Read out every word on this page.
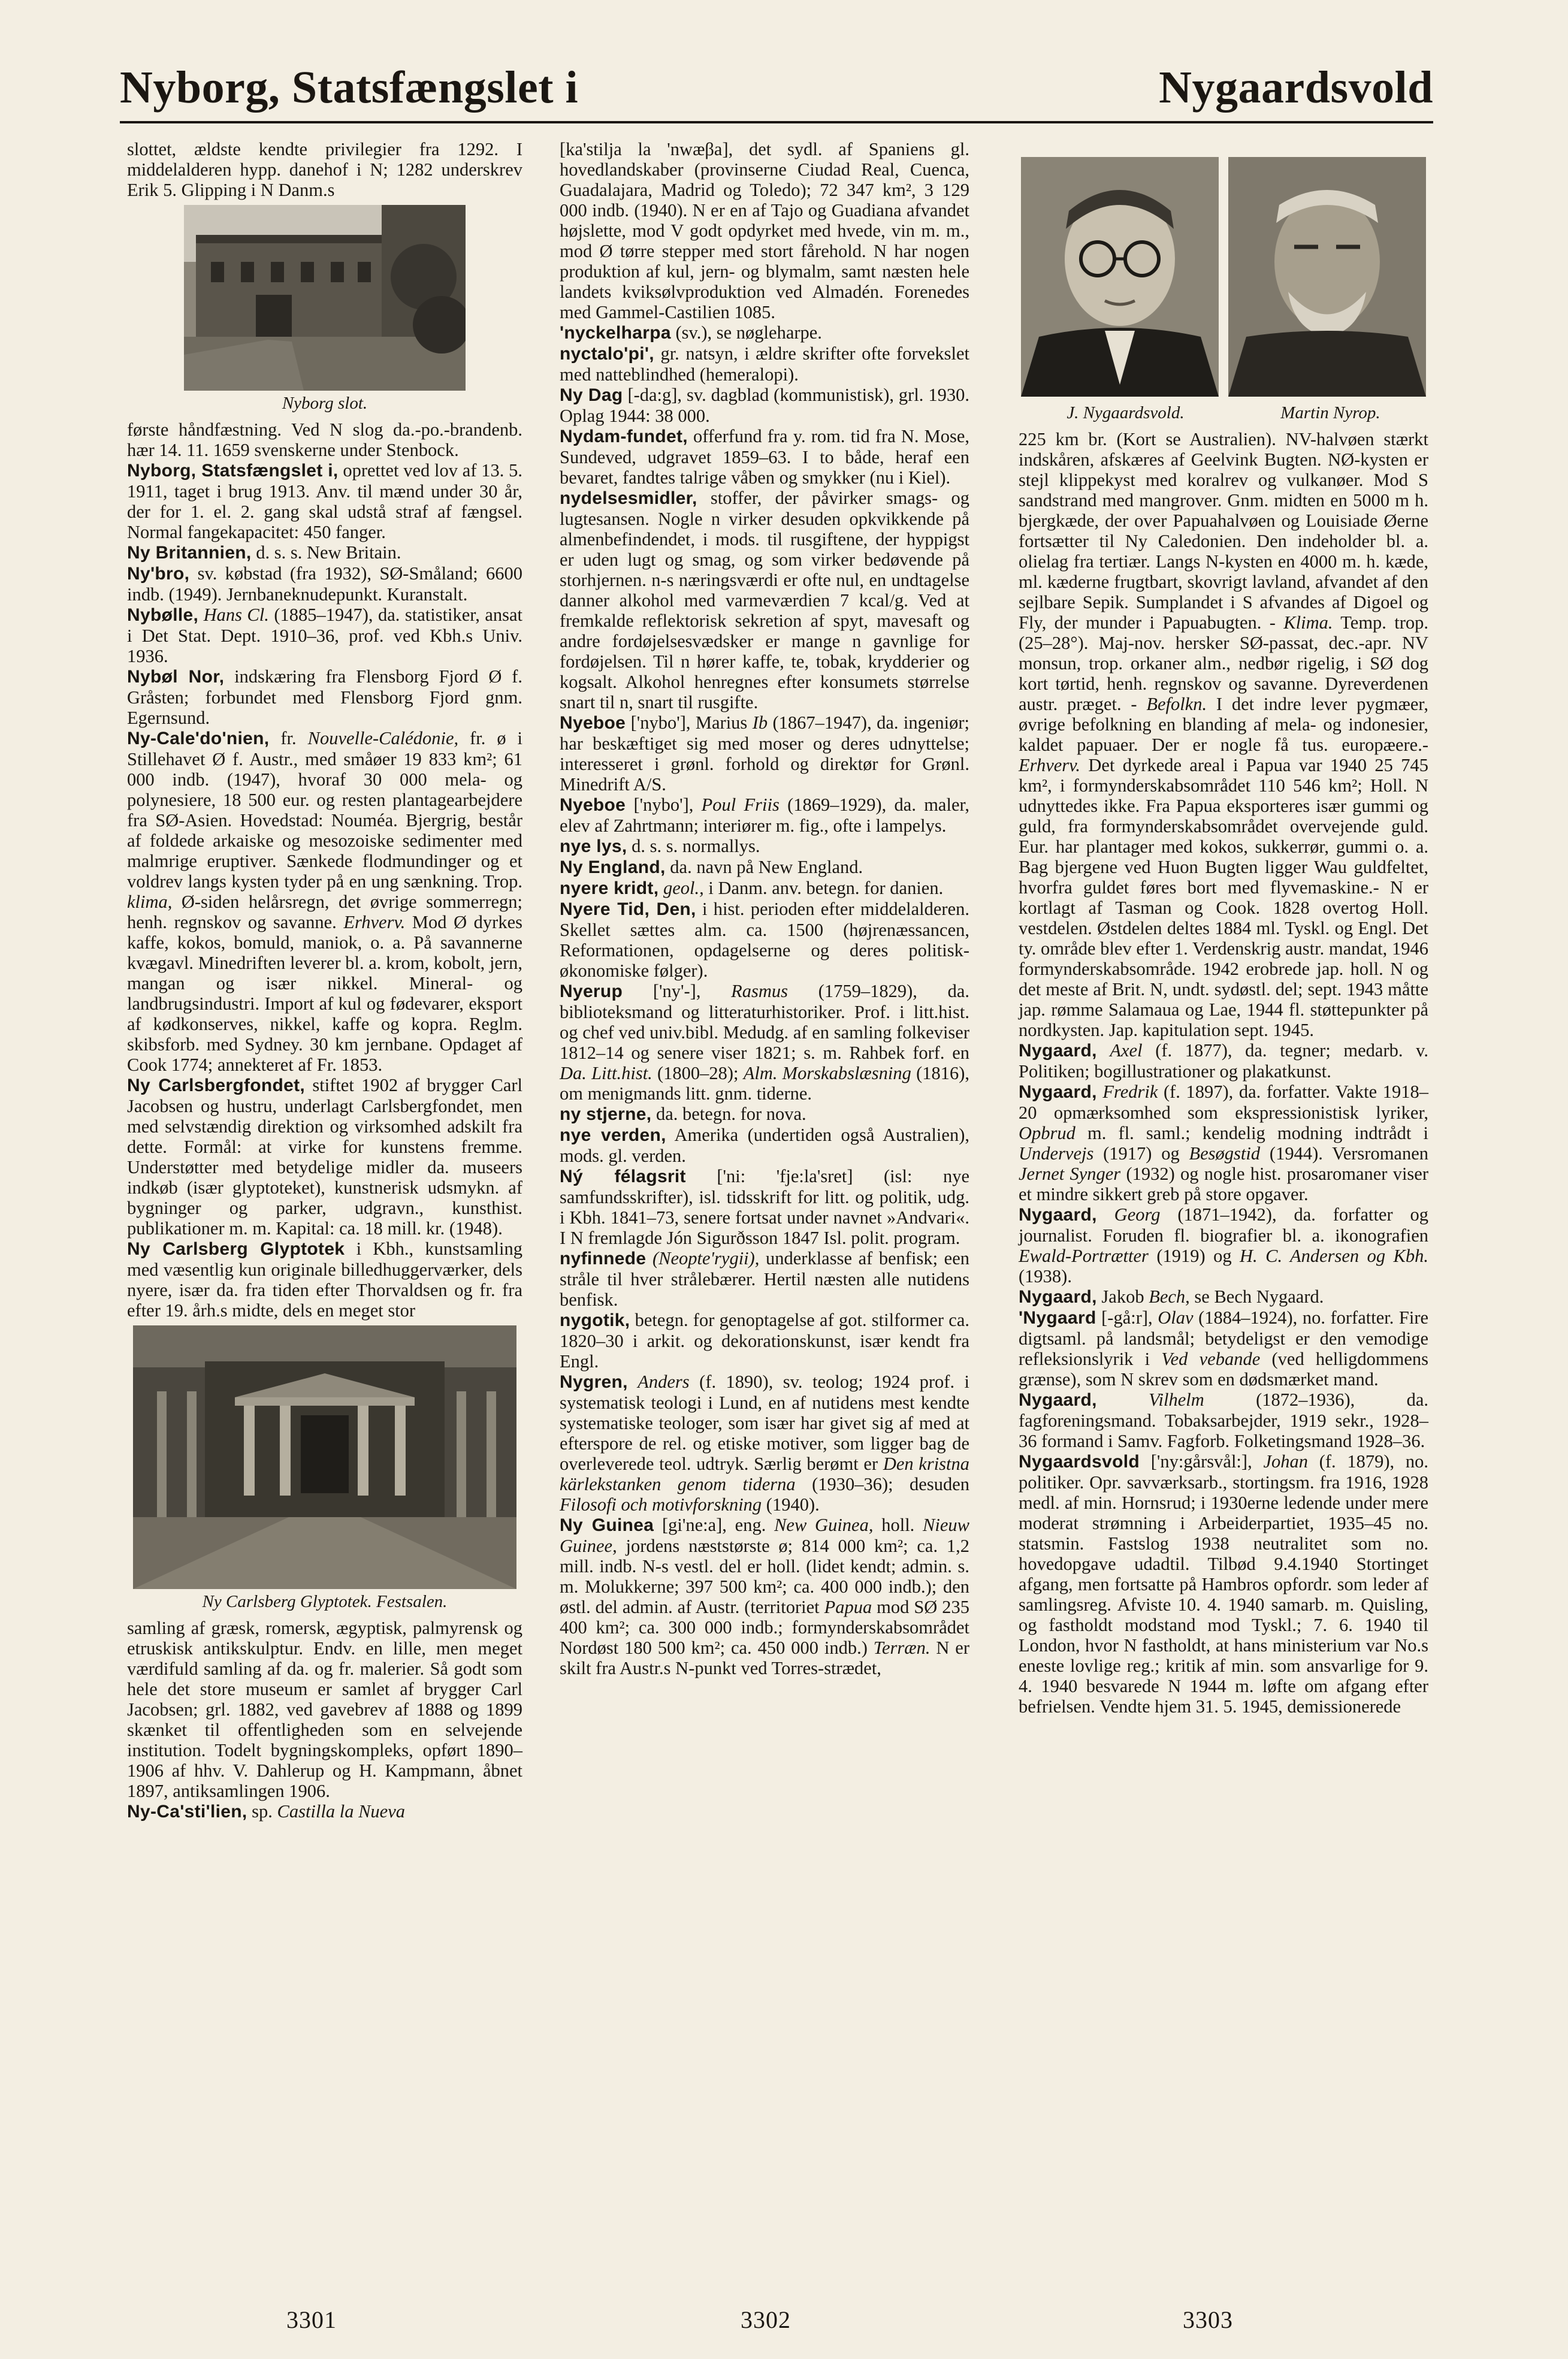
Nyborg, Statsfængslet i	Nygaardsvold

slottet, ældste kendte privilegier fra 1292. I middelalderen hypp. danehof i N; 1282 underskrev Erik 5. Glipping i N Danm.s

Nyborg slot.

første håndfæstning. Ved N slog da.-po.-brandenb. hær 14. 11. 1659 svenskerne under Stenbock.

Nyborg, Statsfængslet i, oprettet ved lov af 13. 5. 1911, taget i brug 1913. Anv. til mænd under 30 år, der for 1. el. 2. gang skal udstå straf af fængsel. Normal fangekapacitet: 450 fanger.

Ny Britannien, d. s. s. New Britain.

Ny'bro, sv. købstad (fra 1932), SØ-Småland; 6600 indb. (1949). Jernbaneknudepunkt. Kuranstalt.

Nybølle, Hans Cl. (1885–1947), da. statistiker, ansat i Det Stat. Dept. 1910–36, prof. ved Kbh.s Univ. 1936.

Nybøl Nor, indskæring fra Flensborg Fjord Ø f. Gråsten; forbundet med Flensborg Fjord gnm. Egernsund.

Ny-Cale'do'nien, fr. Nouvelle-Calédonie, fr. ø i Stillehavet Ø f. Austr., med småøer 19 833 km²; 61 000 indb. (1947), hvoraf 30 000 mela- og polynesiere, 18 500 eur. og resten plantagearbejdere fra SØ-Asien. Hovedstad: Nouméa. Bjergrig, består af foldede arkaiske og mesozoiske sedimenter med malmrige eruptiver. Sænkede flodmundinger og et voldrev langs kysten tyder på en ung sænkning. Trop. klima, Ø-siden helårsregn, det øvrige sommerregn; henh. regnskov og savanne. Erhverv. Mod Ø dyrkes kaffe, kokos, bomuld, maniok, o. a. På savannerne kvægavl. Minedriften leverer bl. a. krom, kobolt, jern, mangan og især nikkel. Mineral- og landbrugsindustri. Import af kul og fødevarer, eksport af kødkonserves, nikkel, kaffe og kopra. Reglm. skibsforb. med Sydney. 30 km jernbane. Opdaget af Cook 1774; annekteret af Fr. 1853.

Ny Carlsbergfondet, stiftet 1902 af brygger Carl Jacobsen og hustru, underlagt Carlsbergfondet, men med selvstændig direktion og virksomhed adskilt fra dette. Formål: at virke for kunstens fremme. Understøtter med betydelige midler da. museers indkøb (især glyptoteket), kunstnerisk udsmykn. af bygninger og parker, udgravn., kunsthist. publikationer m. m. Kapital: ca. 18 mill. kr. (1948).

Ny Carlsberg Glyptotek i Kbh., kunstsamling med væsentlig kun originale billedhuggerværker, dels nyere, især da. fra tiden efter Thorvaldsen og fr. fra efter 19. årh.s midte, dels en meget stor

Ny Carlsberg Glyptotek. Festsalen.

samling af græsk, romersk, ægyptisk, palmyrensk og etruskisk antikskulptur. Endv. en lille, men meget værdifuld samling af da. og fr. malerier. Så godt som hele det store museum er samlet af brygger Carl Jacobsen; grl. 1882, ved gavebrev af 1888 og 1899 skænket til offentligheden som en selvejende institution. Todelt bygningskompleks, opført 1890–1906 af hhv. V. Dahlerup og H. Kampmann, åbnet 1897, antiksamlingen 1906.

Ny-Ca'sti'lien, sp. Castilla la Nueva

[ka'stilja la 'nwæβa], det sydl. af Spaniens gl. hovedlandskaber (provinserne Ciudad Real, Cuenca, Guadalajara, Madrid og Toledo); 72 347 km², 3 129 000 indb. (1940). N er en af Tajo og Guadiana afvandet højslette, mod V godt opdyrket med hvede, vin m. m., mod Ø tørre stepper med stort fårehold. N har nogen produktion af kul, jern- og blymalm, samt næsten hele landets kviksølvproduktion ved Almadén. Forenedes med Gammel-Castilien 1085.

'nyckelharpa (sv.), se nøgleharpe.

nyctalo'pi', gr. natsyn, i ældre skrifter ofte forvekslet med natteblindhed (hemeralopi).

Ny Dag [-da:g], sv. dagblad (kommunistisk), grl. 1930. Oplag 1944: 38 000.

Nydam-fundet, offerfund fra y. rom. tid fra N. Mose, Sundeved, udgravet 1859–63. I to både, heraf een bevaret, fandtes talrige våben og smykker (nu i Kiel).

nydelsesmidler, stoffer, der påvirker smags- og lugtesansen. Nogle n virker desuden opkvikkende på almenbefindendet, i mods. til rusgiftene, der hyppigst er uden lugt og smag, og som virker bedøvende på storhjernen. n-s næringsværdi er ofte nul, en undtagelse danner alkohol med varmeværdien 7 kcal/g. Ved at fremkalde reflektorisk sekretion af spyt, mavesaft og andre fordøjelsesvædsker er mange n gavnlige for fordøjelsen. Til n hører kaffe, te, tobak, krydderier og kogsalt. Alkohol henregnes efter konsumets størrelse snart til n, snart til rusgifte.

Nyeboe ['nybo'], Marius Ib (1867–1947), da. ingeniør; har beskæftiget sig med moser og deres udnyttelse; interesseret i grønl. forhold og direktør for Grønl. Minedrift A/S.

Nyeboe ['nybo'], Poul Friis (1869–1929), da. maler, elev af Zahrtmann; interiører m. fig., ofte i lampelys.

nye lys, d. s. s. normallys.

Ny England, da. navn på New England.

nyere kridt, geol., i Danm. anv. betegn. for danien.

Nyere Tid, Den, i hist. perioden efter middelalderen. Skellet sættes alm. ca. 1500 (højrenæssancen, Reformationen, opdagelserne og deres politisk-økonomiske følger).

Nyerup ['ny'-], Rasmus (1759–1829), da. biblioteksmand og litteraturhistoriker. Prof. i litt.hist. og chef ved univ.bibl. Medudg. af en samling folkeviser 1812–14 og senere viser 1821; s. m. Rahbek forf. en Da. Litt.hist. (1800–28); Alm. Morskabslæsning (1816), om menigmands litt. gnm. tiderne.

ny stjerne, da. betegn. for nova.

nye verden, Amerika (undertiden også Australien), mods. gl. verden.

Ný félagsrit ['ni: 'fje:la'sret] (isl: nye samfundsskrifter), isl. tidsskrift for litt. og politik, udg. i Kbh. 1841–73, senere fortsat under navnet »Andvari«. I N fremlagde Jón Sigurðsson 1847 Isl. polit. program.

nyfinnede (Neopte'rygii), underklasse af benfisk; een stråle til hver strålebærer. Hertil næsten alle nutidens benfisk.

nygotik, betegn. for genoptagelse af got. stilformer ca. 1820–30 i arkit. og dekorationskunst, især kendt fra Engl.

Nygren, Anders (f. 1890), sv. teolog; 1924 prof. i systematisk teologi i Lund, en af nutidens mest kendte systematiske teologer, som især har givet sig af med at efterspore de rel. og etiske motiver, som ligger bag de overleverede teol. udtryk. Særlig berømt er Den kristna kärlekstanken genom tiderna (1930–36); desuden Filosofi och motivforskning (1940).

Ny Guinea [gi'ne:a], eng. New Guinea, holl. Nieuw Guinee, jordens næststørste ø; 814 000 km²; ca. 1,2 mill. indb. N-s vestl. del er holl. (lidet kendt; admin. s. m. Molukkerne; 397 500 km²; ca. 400 000 indb.); den østl. del admin. af Austr. (territoriet Papua mod SØ 235 400 km²; ca. 300 000 indb.; formynderskabsområdet Nordøst 180 500 km²; ca. 450 000 indb.) Terræn. N er skilt fra Austr.s N-punkt ved Torres-strædet,

J. Nygaardsvold.	Martin Nyrop.

225 km br. (Kort se Australien). NV-halvøen stærkt indskåren, afskæres af Geelvink Bugten. NØ-kysten er stejl klippekyst med koralrev og vulkanøer. Mod S sandstrand med mangrover. Gnm. midten en 5000 m h. bjergkæde, der over Papuahalvøen og Louisiade Øerne fortsætter til Ny Caledonien. Den indeholder bl. a. olielag fra tertiær. Langs N-kysten en 4000 m. h. kæde, ml. kæderne frugtbart, skovrigt lavland, afvandet af den sejlbare Sepik. Sumplandet i S afvandes af Digoel og Fly, der munder i Papuabugten. - Klima. Temp. trop. (25–28°). Maj-nov. hersker SØ-passat, dec.-apr. NV monsun, trop. orkaner alm., nedbør rigelig, i SØ dog kort tørtid, henh. regnskov og savanne. Dyreverdenen austr. præget. - Befolkn. I det indre lever pygmæer, øvrige befolkning en blanding af mela- og indonesier, kaldet papuaer. Der er nogle få tus. europæere.- Erhverv. Det dyrkede areal i Papua var 1940 25 745 km², i formynderskabsområdet 110 546 km²; Holl. N udnyttedes ikke. Fra Papua eksporteres især gummi og guld, fra formynderskabsområdet overvejende guld. Eur. har plantager med kokos, sukkerrør, gummi o. a. Bag bjergene ved Huon Bugten ligger Wau guldfeltet, hvorfra guldet føres bort med flyvemaskine.- N er kortlagt af Tasman og Cook. 1828 overtog Holl. vestdelen. Østdelen deltes 1884 ml. Tyskl. og Engl. Det ty. område blev efter 1. Verdenskrig austr. mandat, 1946 formynderskabsområde. 1942 erobrede jap. holl. N og det meste af Brit. N, undt. sydøstl. del; sept. 1943 måtte jap. rømme Salamaua og Lae, 1944 fl. støttepunkter på nordkysten. Jap. kapitulation sept. 1945.

Nygaard, Axel (f. 1877), da. tegner; medarb. v. Politiken; bogillustrationer og plakatkunst.

Nygaard, Fredrik (f. 1897), da. forfatter. Vakte 1918–20 opmærksomhed som ekspressionistisk lyriker, Opbrud m. fl. saml.; kendelig modning indtrådt i Undervejs (1917) og Besøgstid (1944). Versromanen Jernet Synger (1932) og nogle hist. prosaromaner viser et mindre sikkert greb på store opgaver.

Nygaard, Georg (1871–1942), da. forfatter og journalist. Foruden fl. biografier bl. a. ikonografien Ewald-Portrætter (1919) og H. C. Andersen og Kbh. (1938).

Nygaard, Jakob Bech, se Bech Nygaard.

'Nygaard [-gå:r], Olav (1884–1924), no. forfatter. Fire digtsaml. på landsmål; betydeligst er den vemodige refleksionslyrik i Ved vebande (ved helligdommens grænse), som N skrev som en dødsmærket mand.

Nygaard,	Vilhelm	(1872–1936), da. fagforeningsmand. Tobaksarbejder, 1919 sekr., 1928–36 formand i Samv. Fagforb. Folketingsmand 1928–36.

Nygaardsvold ['ny:gårsvål:], Johan (f. 1879), no. politiker. Opr. savværksarb., stortingsm. fra 1916, 1928 medl. af min. Hornsrud; i 1930erne ledende under mere moderat strømning i Arbeiderpartiet, 1935–45 no. statsmin. Fastslog 1938 neutralitet som no. hovedopgave udadtil. Tilbød 9.4.1940 Stortinget afgang, men fortsatte på Hambros opfordr. som leder af samlingsreg. Afviste 10. 4. 1940 samarb. m. Quisling, og fastholdt modstand mod Tyskl.; 7. 6. 1940 til London, hvor N fastholdt, at hans ministerium var No.s eneste lovlige reg.; kritik af min. som ansvarlige for 9. 4. 1940 besvarede N 1944 m. løfte om afgang efter befrielsen. Vendte hjem 31. 5. 1945, demissionerede

3301	3302	3303
